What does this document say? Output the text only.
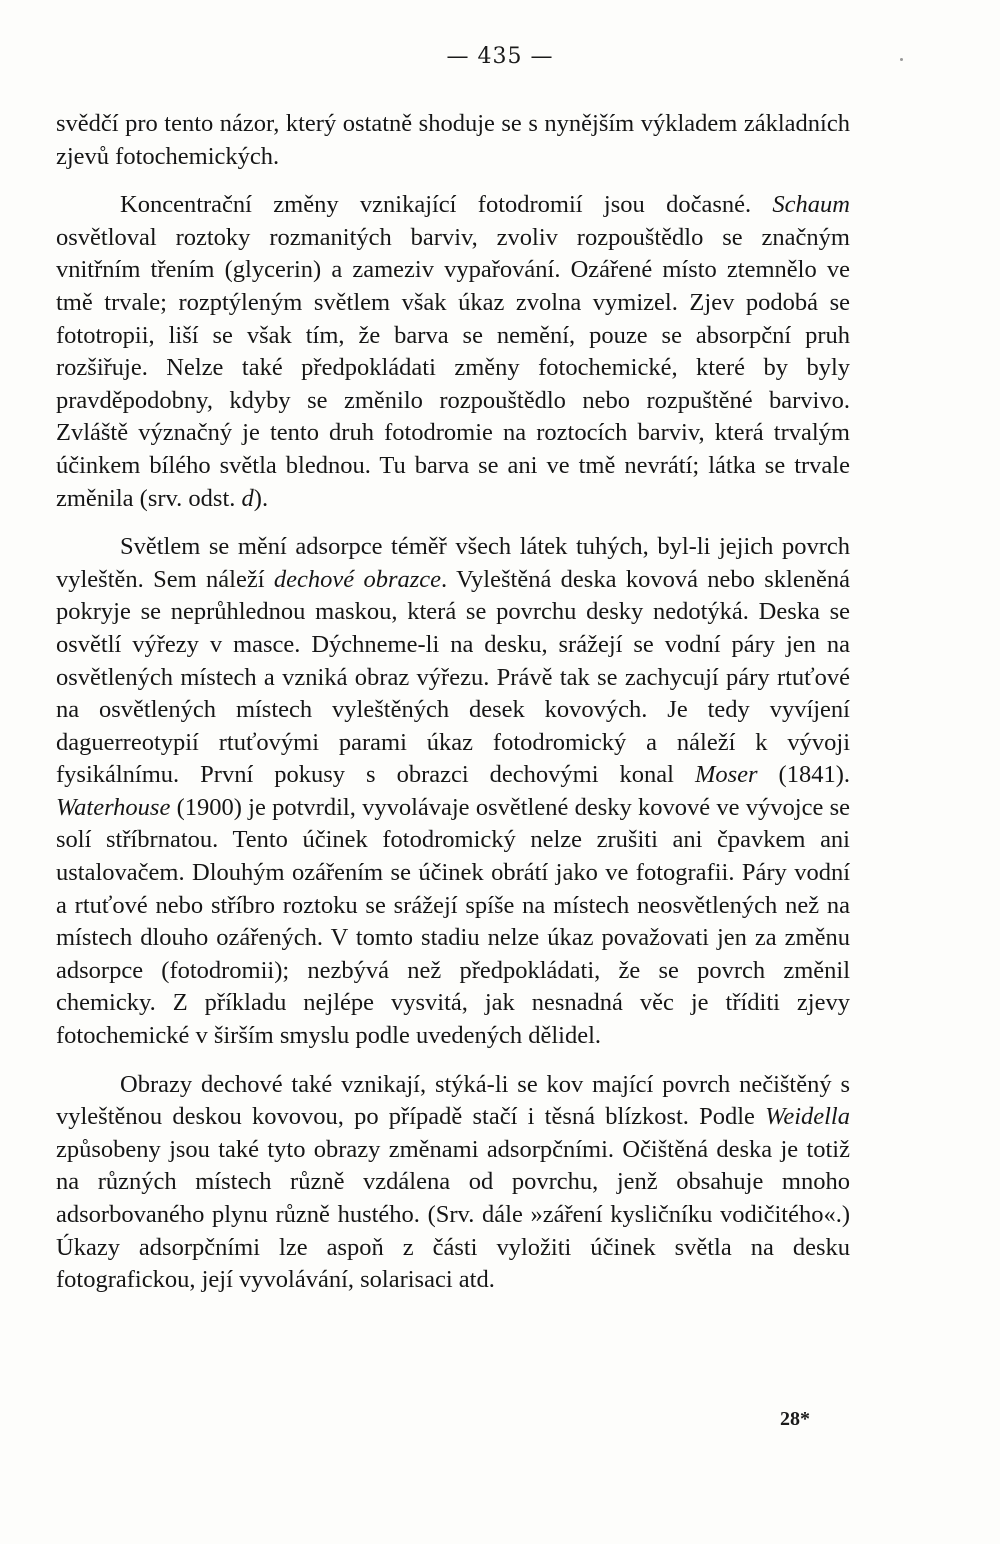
— 435 —

svědčí pro tento názor, který ostatně shoduje se s nynějším výkladem základních zjevů fotochemických.

Koncentrační změny vznikající fotodromií jsou dočasné. Schaum osvětloval roztoky rozmanitých barviv, zvoliv rozpouštědlo se značným vnitřním třením (glycerin) a zameziv vypařování. Ozářené místo ztemnělo ve tmě trvale; rozptýleným světlem však úkaz zvolna vymizel. Zjev podobá se fototropii, liší se však tím, že barva se nemění, pouze se absorpční pruh rozšiřuje. Nelze také předpokládati změny fotochemické, které by byly pravděpodobny, kdyby se změnilo rozpouštědlo nebo rozpuštěné barvivo. Zvláště význačný je tento druh fotodromie na roztocích barviv, která trvalým účinkem bílého světla blednou. Tu barva se ani ve tmě nevrátí; látka se trvale změnila (srv. odst. d).

Světlem se mění adsorpce téměř všech látek tuhých, byl-li jejich povrch vyleštěn. Sem náleží dechové obrazce. Vyleštěná deska kovová nebo skleněná pokryje se neprůhlednou maskou, která se povrchu desky nedotýká. Deska se osvětlí výřezy v masce. Dýchneme-li na desku, srážejí se vodní páry jen na osvětlených místech a vzniká obraz výřezu. Právě tak se zachycují páry rtuťové na osvětlených místech vyleštěných desek kovových. Je tedy vyvíjení daguerreotypií rtuťovými parami úkaz fotodromický a náleží k vývoji fysikálnímu. První pokusy s obrazci dechovými konal Moser (1841). Waterhouse (1900) je potvrdil, vyvolávaje osvětlené desky kovové ve vývojce se solí stříbrnatou. Tento účinek fotodromický nelze zrušiti ani čpavkem ani ustalovačem. Dlouhým ozářením se účinek obrátí jako ve fotografii. Páry vodní a rtuťové nebo stříbro roztoku se srážejí spíše na místech neosvětlených než na místech dlouho ozářených. V tomto stadiu nelze úkaz považovati jen za změnu adsorpce (fotodromii); nezbývá než předpokládati, že se povrch změnil chemicky. Z příkladu nejlépe vysvitá, jak nesnadná věc je tříditi zjevy fotochemické v širším smyslu podle uvedených dělidel.

Obrazy dechové také vznikají, stýká-li se kov mající povrch nečištěný s vyleštěnou deskou kovovou, po případě stačí i těsná blízkost. Podle Weidella způsobeny jsou také tyto obrazy změnami adsorpčními. Očištěná deska je totiž na různých místech různě vzdálena od povrchu, jenž obsahuje mnoho adsorbovaného plynu různě hustého. (Srv. dále »záření kysličníku vodičitého«.) Úkazy adsorpčními lze aspoň z části vyložiti účinek světla na desku fotografickou, její vyvolávání, solarisaci atd.

28*
